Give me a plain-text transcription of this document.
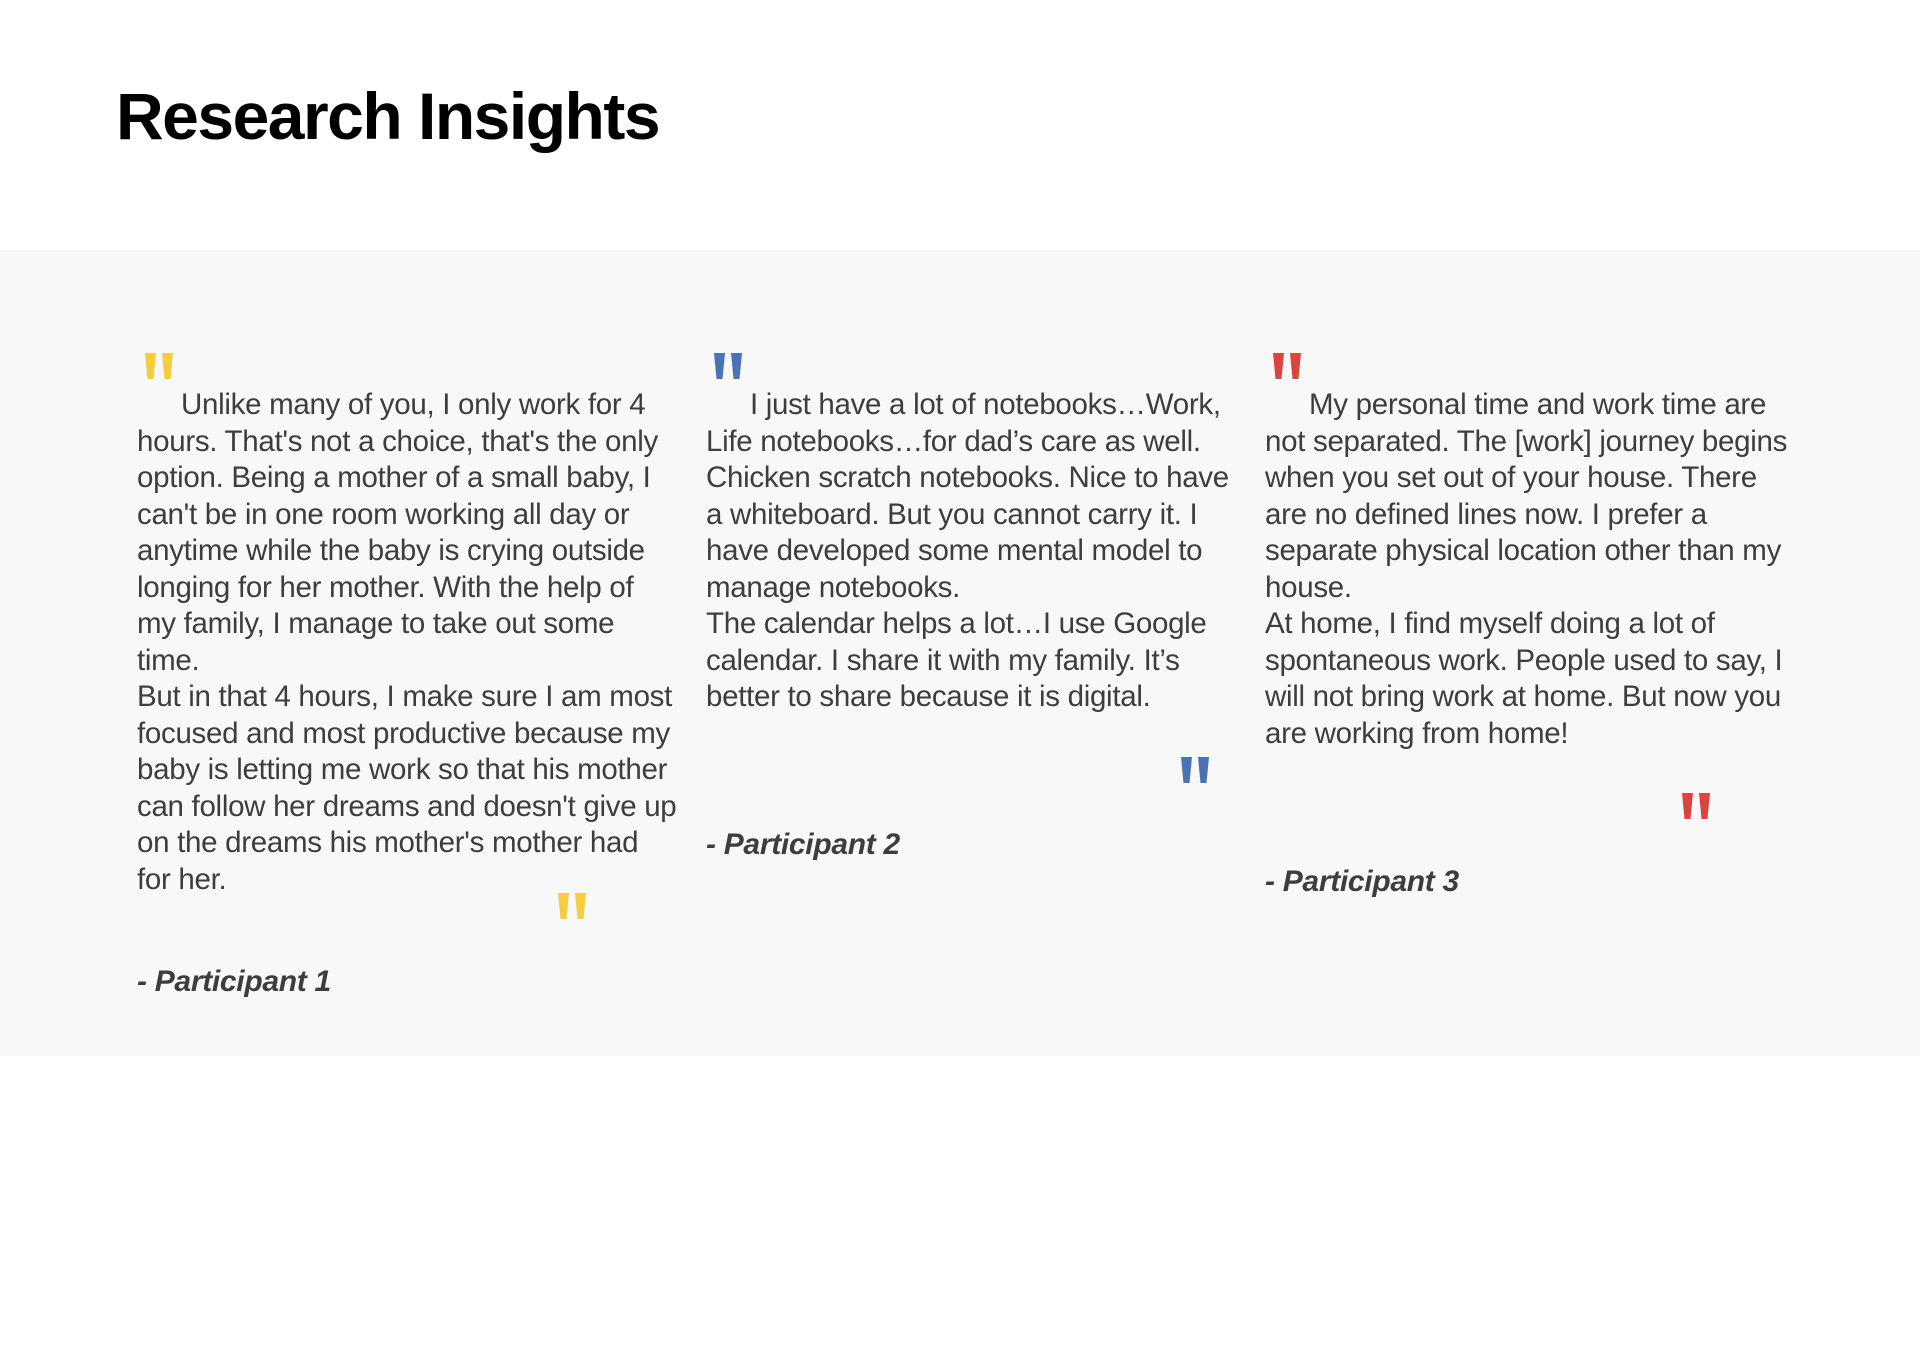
Research Insights
Unlike many of you, I only work for 4 hours. That's not a choice, that's the only option. Being a mother of a small baby, I can't be in one room working all day or anytime while the baby is crying outside longing for her mother. With the help of my family, I manage to take out some time.
But in that 4 hours, I make sure I am most focused and most productive because my baby is letting me work so that his mother can follow her dreams and doesn't give up on the dreams his mother's mother had for her.

- Participant 1

I just have a lot of notebooks…Work, Life notebooks…for dad’s care as well. Chicken scratch notebooks. Nice to have a whiteboard. But you cannot carry it. I have developed some mental model to manage notebooks.
The calendar helps a lot…I use Google calendar. I share it with my family. It’s better to share because it is digital.

- Participant 2

My personal time and work time are not separated. The [work] journey begins when you set out of your house. There are no defined lines now. I prefer a separate physical location other than my house.
At home, I find myself doing a lot of spontaneous work. People used to say, I will not bring work at home. But now you are working from home!

- Participant 3
